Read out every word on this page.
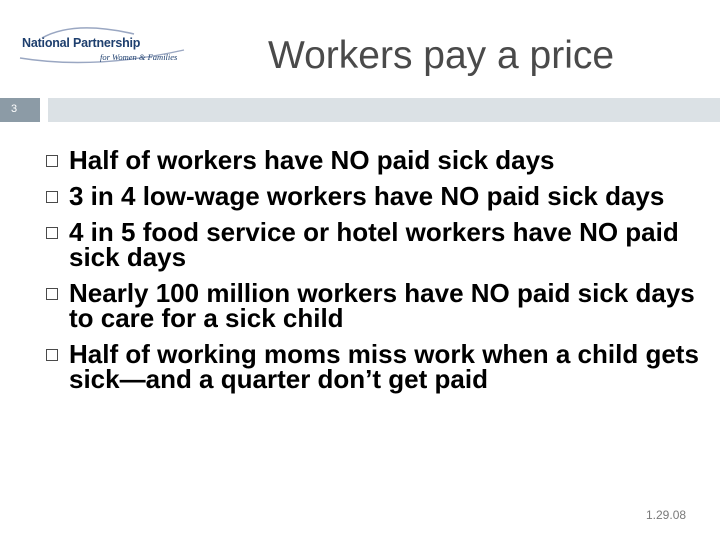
National Partnership
for Women & Families Workers pay a price
3
Half of workers have NO paid sick days
3 in 4 low-wage workers have NO paid sick days
4 in 5 food service or hotel workers have NO paid sick days
Nearly 100 million workers have NO paid sick days to care for a sick child
Half of working moms miss work when a child gets sick—and a quarter don’t get paid
1.29.08
